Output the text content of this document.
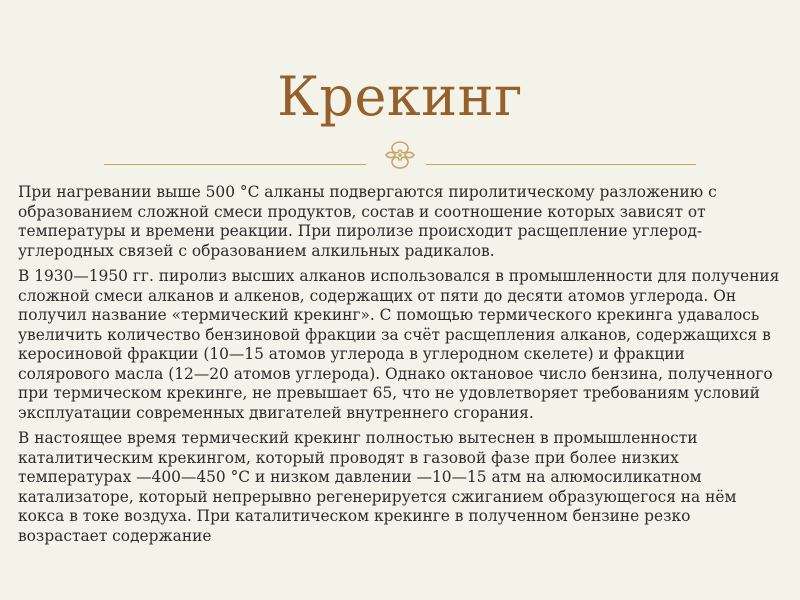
Крекинг

При нагревании выше 500 °С алканы подвергаются пиролитическому разложению с образованием сложной смеси продуктов, состав и соотношение которых зависят от температуры и времени реакции. При пиролизе происходит расщепление углерод-углеродных связей с образованием алкильных радикалов.

В 1930—1950 гг. пиролиз высших алканов использовался в промышленности для получения сложной смеси алканов и алкенов, содержащих от пяти до десяти атомов углерода. Он получил название «термический крекинг». С помощью термического крекинга удавалось увеличить количество бензиновой фракции за счёт расщепления алканов, содержащихся в керосиновой фракции (10—15 атомов углерода в углеродном скелете) и фракции солярового масла (12—20 атомов углерода). Однако октановое число бензина, полученного при термическом крекинге, не превышает 65, что не удовлетворяет требованиям условий эксплуатации современных двигателей внутреннего сгорания.

В настоящее время термический крекинг полностью вытеснен в промышленности каталитическим крекингом, который проводят в газовой фазе при более низких температурах —400—450 °С и низком давлении —10—15 атм на алюмосиликатном катализаторе, который непрерывно регенерируется сжиганием образующегося на нём кокса в токе воздуха. При каталитическом крекинге в полученном бензине резко возрастает содержание
